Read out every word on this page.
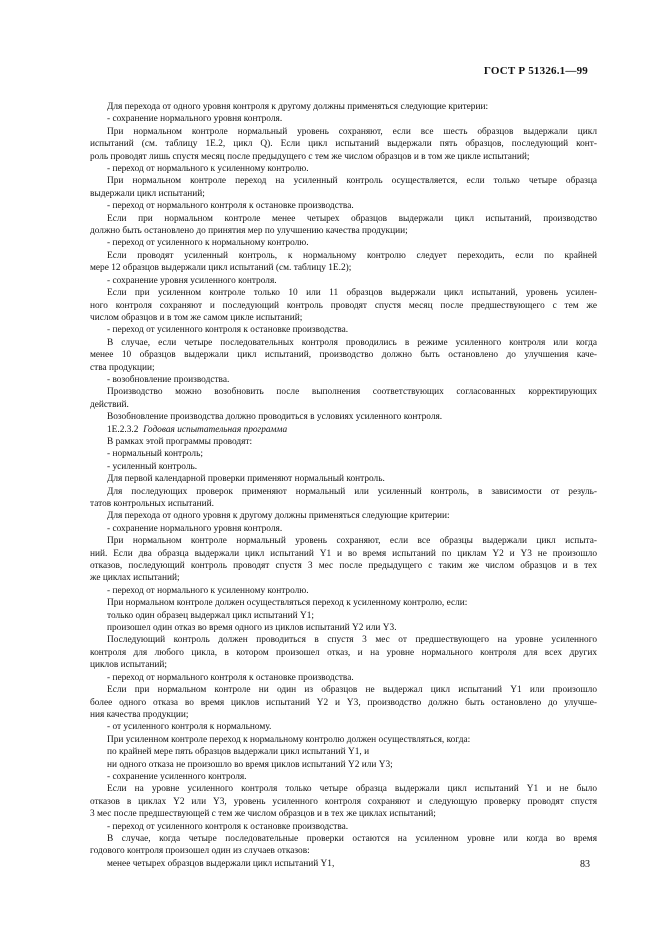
ГОСТ Р 51326.1—99
Для перехода от одного уровня контроля к другому должны применяться следующие критерии:
- сохранение нормального уровня контроля.
При нормальном контроле нормальный уровень сохраняют, если все шесть образцов выдержали цикл
испытаний (см. таблицу 1Е.2, цикл Q). Если цикл испытаний выдержали пять образцов, последующий конт-
роль проводят лишь спустя месяц после предыдущего с тем же числом образцов и в том же цикле испытаний;
- переход от нормального к усиленному контролю.
При нормальном контроле переход на усиленный контроль осуществляется, если только четыре образца
выдержали цикл испытаний;
- переход от нормального контроля к остановке производства.
Если при нормальном контроле менее четырех образцов выдержали цикл испытаний, производство
должно быть остановлено до принятия мер по улучшению качества продукции;
- переход от усиленного к нормальному контролю.
Если проводят усиленный контроль, к нормальному контролю следует переходить, если по крайней
мере 12 образцов выдержали цикл испытаний (см. таблицу 1Е.2);
- сохранение уровня усиленного контроля.
Если при усиленном контроле только 10 или 11 образцов выдержали цикл испытаний, уровень усилен-
ного контроля сохраняют и последующий контроль проводят спустя месяц после предшествующего с тем же
числом образцов и в том же самом цикле испытаний;
- переход от усиленного контроля к остановке производства.
В случае, если четыре последовательных контроля проводились в режиме усиленного контроля или когда
менее 10 образцов выдержали цикл испытаний, производство должно быть остановлено до улучшения каче-
ства продукции;
- возобновление производства.
Производство можно возобновить после выполнения соответствующих согласованных корректирующих
действий.
Возобновление производства должно проводиться в условиях усиленного контроля.
1Е.2.3.2 Годовая испытательная программа
В рамках этой программы проводят:
- нормальный контроль;
- усиленный контроль.
Для первой календарной проверки применяют нормальный контроль.
Для последующих проверок применяют нормальный или усиленный контроль, в зависимости от резуль-
татов контрольных испытаний.
Для перехода от одного уровня к другому должны применяться следующие критерии:
- сохранение нормального уровня контроля.
При нормальном контроле нормальный уровень сохраняют, если все образцы выдержали цикл испыта-
ний. Если два образца выдержали цикл испытаний Y1 и во время испытаний по циклам Y2 и Y3 не произошло
отказов, последующий контроль проводят спустя 3 мес после предыдущего с таким же числом образцов и в тех
же циклах испытаний;
- переход от нормального к усиленному контролю.
При нормальном контроле должен осуществляться переход к усиленному контролю, если:
только один образец выдержал цикл испытаний Y1;
произошел один отказ во время одного из циклов испытаний Y2 или Y3.
Последующий контроль должен проводиться в спустя 3 мес от предшествующего на уровне усиленного
контроля для любого цикла, в котором произошел отказ, и на уровне нормального контроля для всех других
циклов испытаний;
- переход от нормального контроля к остановке производства.
Если при нормальном контроле ни один из образцов не выдержал цикл испытаний Y1 или произошло
более одного отказа во время циклов испытаний Y2 и Y3, производство должно быть остановлено до улучше-
ния качества продукции;
- от усиленного контроля к нормальному.
При усиленном контроле переход к нормальному контролю должен осуществляться, когда:
по крайней мере пять образцов выдержали цикл испытаний Y1, и
ни одного отказа не произошло во время циклов испытаний Y2 или Y3;
- сохранение усиленного контроля.
Если на уровне усиленного контроля только четыре образца выдержали цикл испытаний Y1 и не было
отказов в циклах Y2 или Y3, уровень усиленного контроля сохраняют и следующую проверку проводят спустя
3 мес после предшествующей с тем же числом образцов и в тех же циклах испытаний;
- переход от усиленного контроля к остановке производства.
В случае, когда четыре последовательные проверки остаются на усиленном уровне или когда во время
годового контроля произошел один из случаев отказов:
менее четырех образцов выдержали цикл испытаний Y1,	83
